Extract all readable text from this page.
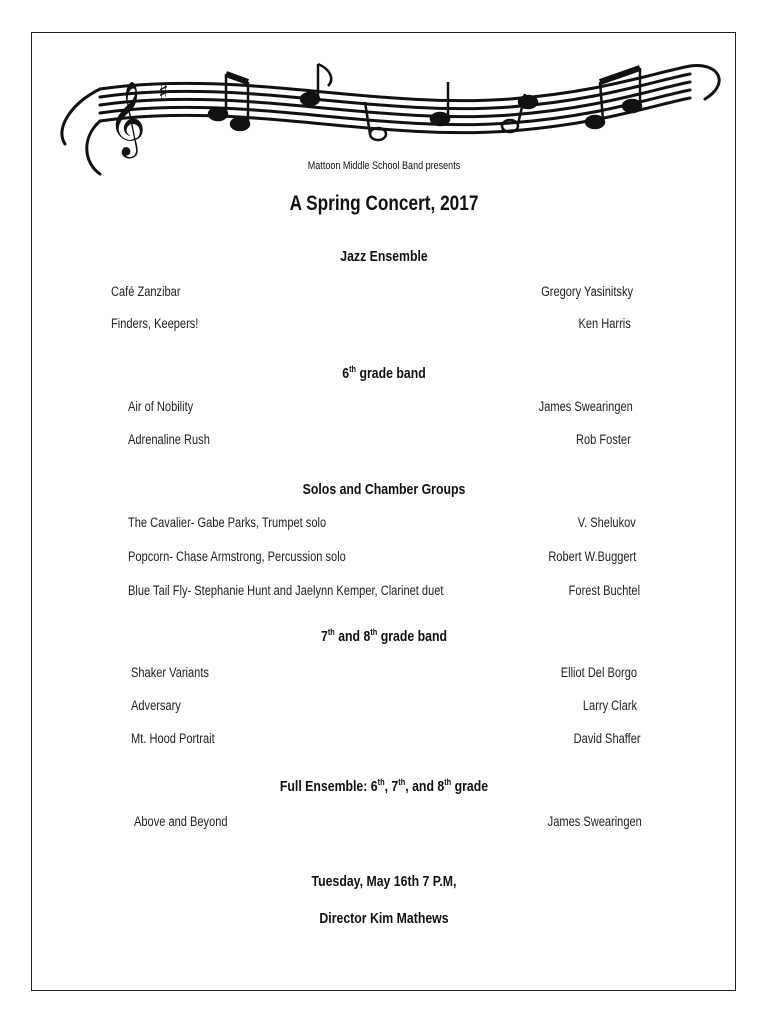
𝄞 ♯
Mattoon Middle School Band presents
A Spring Concert, 2017
Jazz Ensemble
Café Zanzibar	Gregory Yasinitsky
Finders, Keepers!	Ken Harris
6th grade band
Air of Nobility	James Swearingen
Adrenaline Rush	Rob Foster
Solos and Chamber Groups
The Cavalier- Gabe Parks, Trumpet solo	V. Shelukov
Popcorn- Chase Armstrong, Percussion solo	Robert W.Buggert
Blue Tail Fly- Stephanie Hunt and Jaelynn Kemper, Clarinet duet	Forest Buchtel
7th and 8th grade band
Shaker Variants	Elliot Del Borgo
Adversary	Larry Clark
Mt. Hood Portrait	David Shaffer
Full Ensemble: 6th, 7th, and 8th grade
Above and Beyond	James Swearingen
Tuesday, May 16th 7 P.M,
Director Kim Mathews
